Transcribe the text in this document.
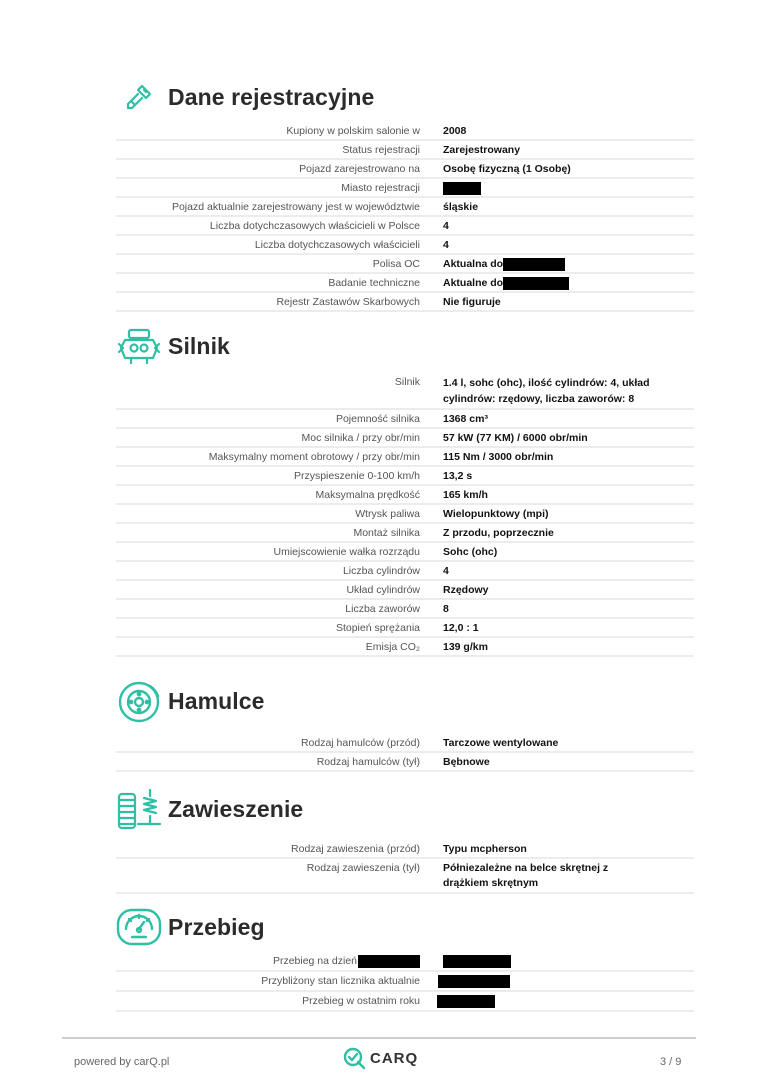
Dane rejestracyjne
Kupiony w polskim salonie w	2008
Status rejestracji	Zarejestrowany
Pojazd zarejestrowano na	Osobę fizyczną (1 Osobę)
Miasto rejestracji
Pojazd aktualnie zarejestrowany jest w województwie	śląskie
Liczba dotychczasowych właścicieli w Polsce	4
Liczba dotychczasowych właścicieli	4
Polisa OC	Aktualna do
Badanie techniczne	Aktualne do
Rejestr Zastawów Skarbowych	Nie figuruje
Silnik
Silnik	1.4 l, sohc (ohc), ilość cylindrów: 4, układ cylindrów: rzędowy, liczba zaworów: 8
Pojemność silnika	1368 cm³
Moc silnika / przy obr/min	57 kW (77 KM) / 6000 obr/min
Maksymalny moment obrotowy / przy obr/min	115 Nm / 3000 obr/min
Przyspieszenie 0-100 km/h	13,2 s
Maksymalna prędkość	165 km/h
Wtrysk paliwa	Wielopunktowy (mpi)
Montaż silnika	Z przodu, poprzecznie
Umiejscowienie wałka rozrządu	Sohc (ohc)
Liczba cylindrów	4
Układ cylindrów	Rzędowy
Liczba zaworów	8
Stopień sprężania	12,0 : 1
Emisja CO₂	139 g/km
Hamulce
Rodzaj hamulców (przód)	Tarczowe wentylowane
Rodzaj hamulców (tył)	Bębnowe
Zawieszenie
Rodzaj zawieszenia (przód)	Typu mcpherson
Rodzaj zawieszenia (tył)	Półniezależne na belce skrętnej z drążkiem skrętnym
Przebieg
Przebieg na dzień
Przybliżony stan licznika aktualnie
Przebieg w ostatnim roku
powered by carQ.pl	CARQ	3 / 9
